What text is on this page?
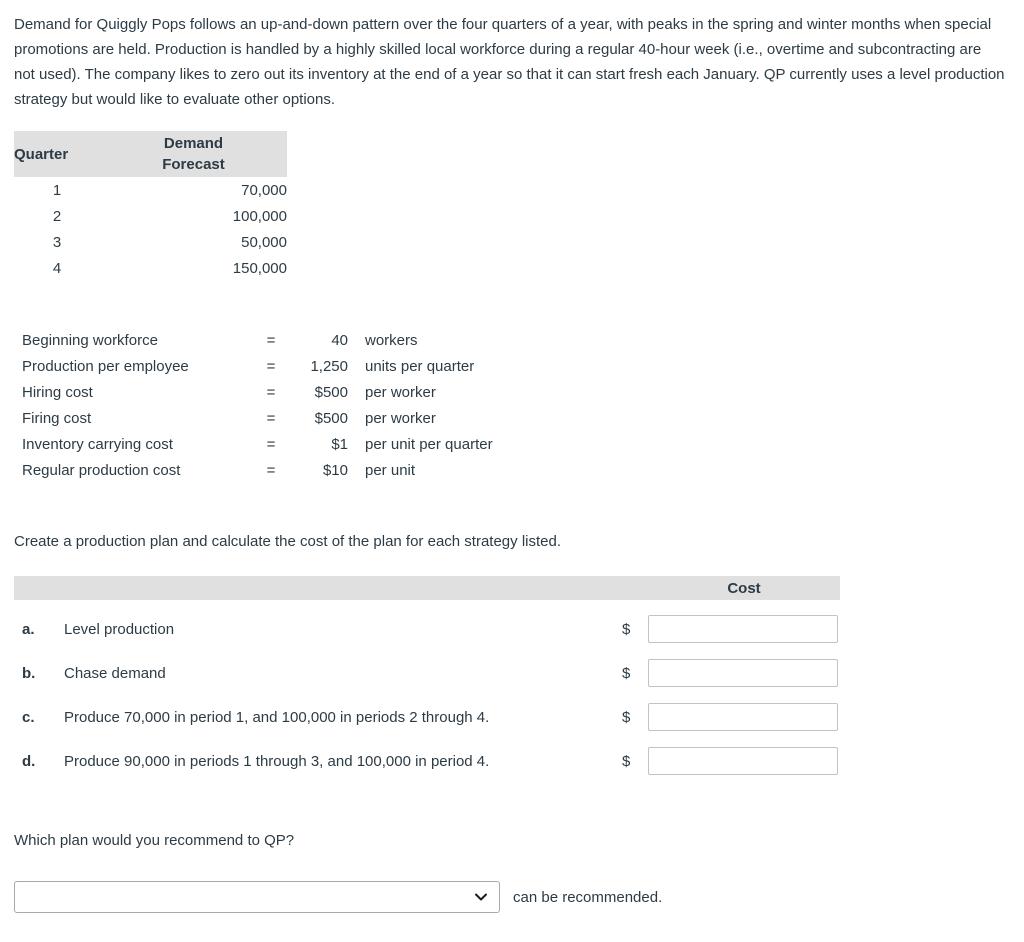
Demand for Quiggly Pops follows an up-and-down pattern over the four quarters of a year, with peaks in the spring and winter months when special promotions are held. Production is handled by a highly skilled local workforce during a regular 40-hour week (i.e., overtime and subcontracting are not used). The company likes to zero out its inventory at the end of a year so that it can start fresh each January. QP currently uses a level production strategy but would like to evaluate other options.

Quarter	Demand Forecast
1	70,000
2	100,000
3	50,000
4	150,000
Beginning workforce	=	40	workers
Production per employee	=	1,250	units per quarter
Hiring cost	=	$500	per worker
Firing cost	=	$500	per worker
Inventory carrying cost	=	$1	per unit per quarter
Regular production cost	=	$10	per unit

Create a production plan and calculate the cost of the plan for each strategy listed.

Cost
a.	Level production	$
b.	Chase demand	$
c.	Produce 70,000 in period 1, and 100,000 in periods 2 through 4.	$
d.	Produce 90,000 in periods 1 through 3, and 100,000 in period 4.	$

Which plan would you recommend to QP?

can be recommended.
